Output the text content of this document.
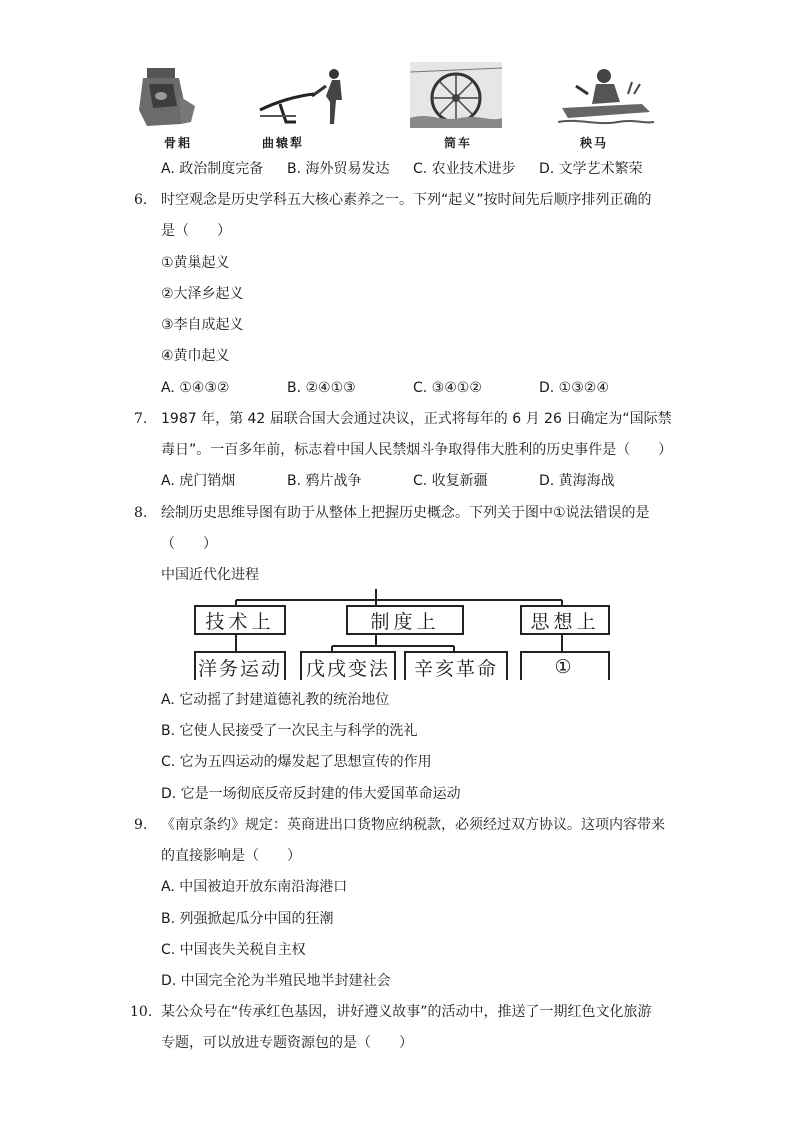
骨耜	曲辕犁	筒车	秧马
A. 政治制度完备 B. 海外贸易发达 C. 农业技术进步 D. 文学艺术繁荣
6. 时空观念是历史学科五大核心素养之一。下列“起义”按时间先后顺序排列正确的
是（　　）
①黄巢起义
②大泽乡起义
③李自成起义
④黄巾起义
A. ①④③②	B. ②④①③	C. ③④①②	D. ①③②④
7. 1987 年，第 42 届联合国大会通过决议，正式将每年的 6 月 26 日确定为“国际禁
毒日”。一百多年前，标志着中国人民禁烟斗争取得伟大胜利的历史事件是（　　）
A. 虎门销烟	B. 鸦片战争	C. 收复新疆	D. 黄海海战
8. 绘制历史思维导图有助于从整体上把握历史概念。下列关于图中①说法错误的是
（　　）
中国近代化进程
技术上	制度上	思想上
洋务运动	戊戌变法	辛亥革命	①
A. 它动摇了封建道德礼教的统治地位
B. 它使人民接受了一次民主与科学的洗礼
C. 它为五四运动的爆发起了思想宣传的作用
D. 它是一场彻底反帝反封建的伟大爱国革命运动
9. 《南京条约》规定：英商进出口货物应纳税款，必须经过双方协议。这项内容带来
的直接影响是（　　）
A. 中国被迫开放东南沿海港口
B. 列强掀起瓜分中国的狂潮
C. 中国丧失关税自主权
D. 中国完全沦为半殖民地半封建社会
10. 某公众号在“传承红色基因，讲好遵义故事”的活动中，推送了一期红色文化旅游
专题，可以放进专题资源包的是（　　）
